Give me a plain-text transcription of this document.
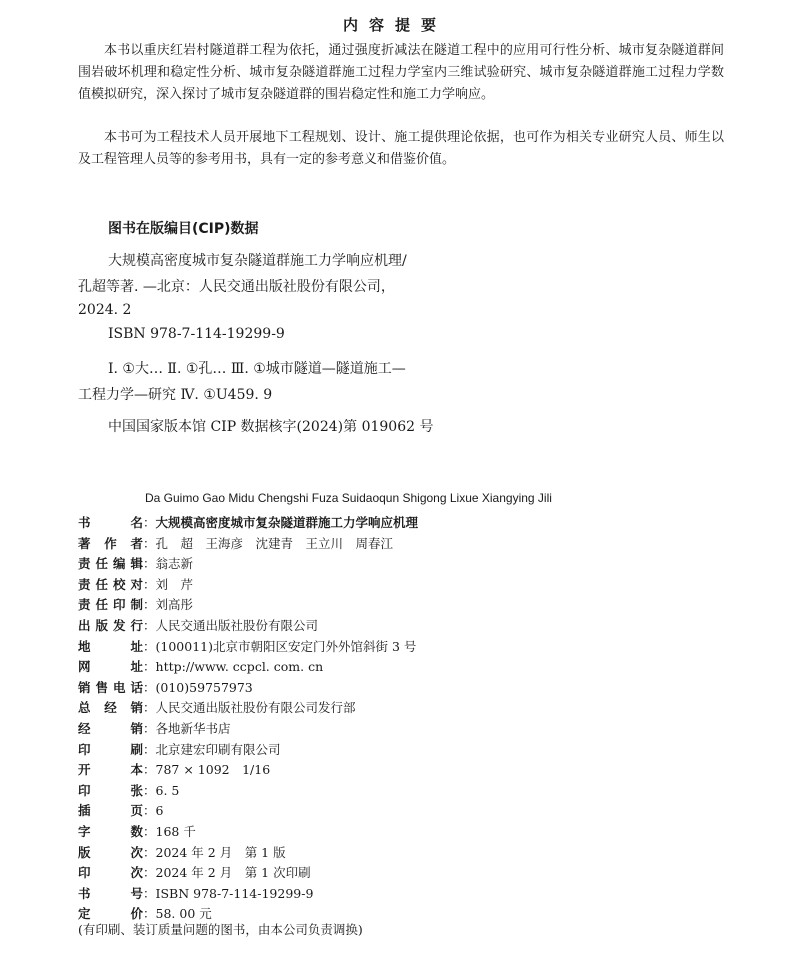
内容提要

本书以重庆红岩村隧道群工程为依托，通过强度折减法在隧道工程中的应用可行性分析、城市复杂隧道群间围岩破坏机理和稳定性分析、城市复杂隧道群施工过程力学室内三维试验研究、城市复杂隧道群施工过程力学数值模拟研究，深入探讨了城市复杂隧道群的围岩稳定性和施工力学响应。

本书可为工程技术人员开展地下工程规划、设计、施工提供理论依据，也可作为相关专业研究人员、师生以及工程管理人员等的参考用书，具有一定的参考意义和借鉴价值。

图书在版编目(CIP)数据
大规模高密度城市复杂隧道群施工力学响应机理/
孔超等著. —北京：人民交通出版社股份有限公司，
2024. 2
ISBN 978-7-114-19299-9
Ⅰ. ①大… Ⅱ. ①孔… Ⅲ. ①城市隧道—隧道施工—
工程力学—研究 Ⅳ. ①U459. 9
中国国家版本馆 CIP 数据核字(2024)第 019062 号
Da Guimo Gao Midu Chengshi Fuza Suidaoqun Shigong Lixue Xiangying Jili
书名：大规模高密度城市复杂隧道群施工力学响应机理
著作者：孔　超　王海彦　沈建青　王立川　周春江
责任编辑：翁志新
责任校对：刘　芹
责任印制：刘高彤
出版发行：人民交通出版社股份有限公司
地址：(100011)北京市朝阳区安定门外外馆斜街 3 号
网址：http://www. ccpcl. com. cn
销售电话：(010)59757973
总经销：人民交通出版社股份有限公司发行部
经销：各地新华书店
印刷：北京建宏印刷有限公司
开本：787 × 1092　1/16
印张：6. 5
插页：6
字数：168 千
版次：2024 年 2 月　第 1 版
印次：2024 年 2 月　第 1 次印刷
书号：ISBN 978-7-114-19299-9
定价：58. 00 元
(有印刷、装订质量问题的图书，由本公司负责调换)
